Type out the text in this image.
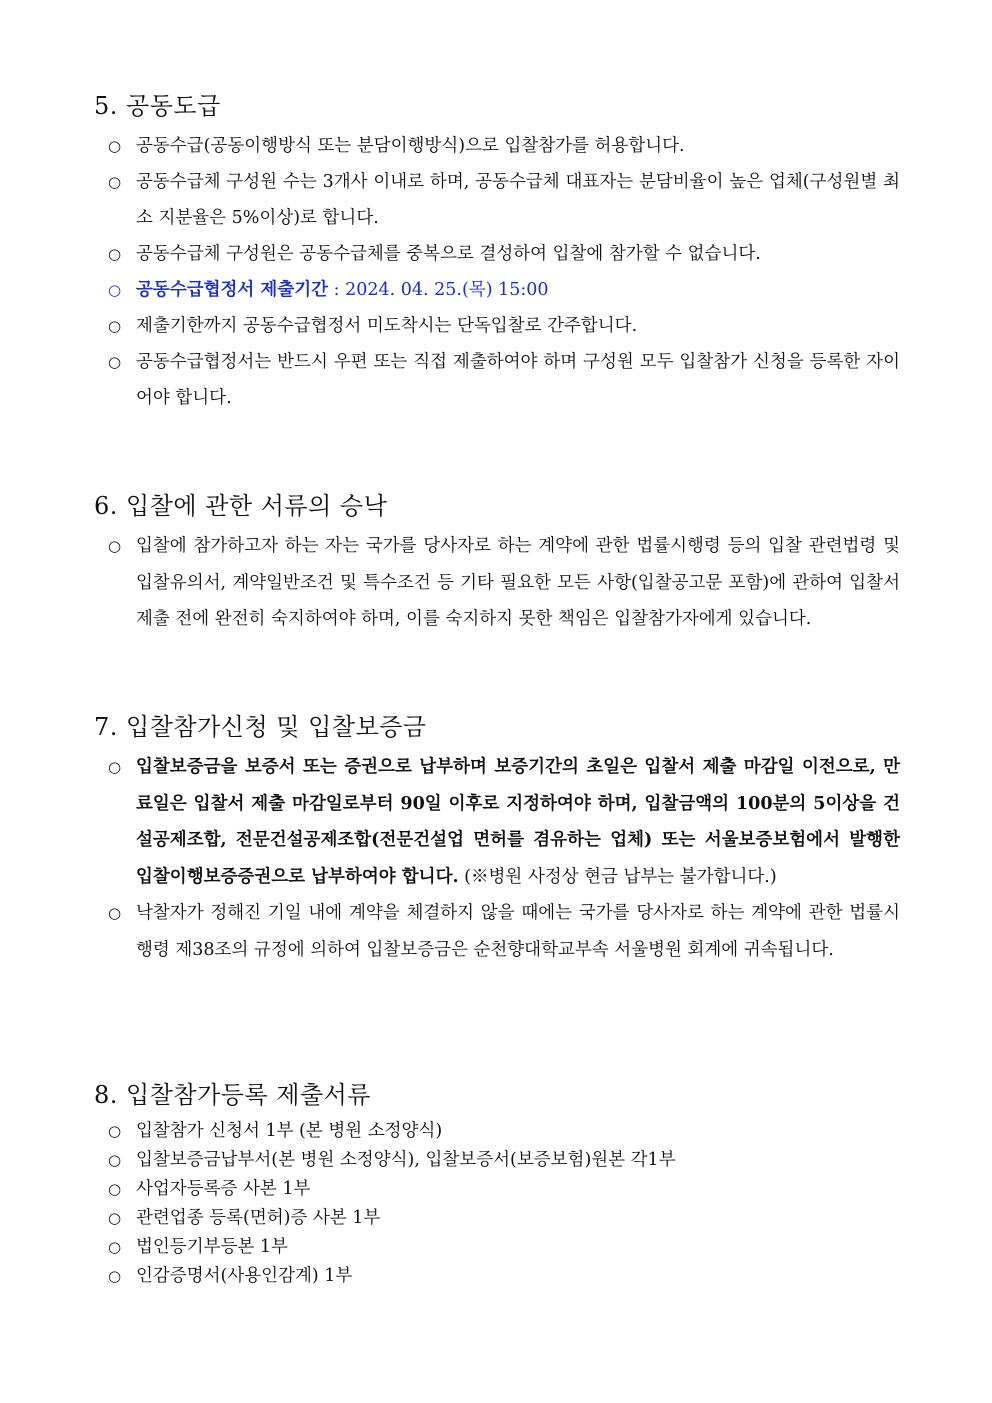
5. 공동도급
○ 공동수급(공동이행방식 또는 분담이행방식)으로 입찰참가를 허용합니다.
○ 공동수급체 구성원 수는 3개사 이내로 하며, 공동수급체 대표자는 분담비율이 높은 업체(구성원별 최소 지분율은 5%이상)로 합니다.
○ 공동수급체 구성원은 공동수급체를 중복으로 결성하여 입찰에 참가할 수 없습니다.
○ 공동수급협정서 제출기간 : 2024. 04. 25.(목) 15:00
○ 제출기한까지 공동수급협정서 미도착시는 단독입찰로 간주합니다.
○ 공동수급협정서는 반드시 우편 또는 직접 제출하여야 하며 구성원 모두 입찰참가 신청을 등록한 자이어야 합니다.
6. 입찰에 관한 서류의 승낙
○ 입찰에 참가하고자 하는 자는 국가를 당사자로 하는 계약에 관한 법률시행령 등의 입찰 관련법령 및 입찰유의서, 계약일반조건 및 특수조건 등 기타 필요한 모든 사항(입찰공고문 포함)에 관하여 입찰서 제출 전에 완전히 숙지하여야 하며, 이를 숙지하지 못한 책임은 입찰참가자에게 있습니다.
7. 입찰참가신청 및 입찰보증금
○ 입찰보증금을 보증서 또는 증권으로 납부하며 보증기간의 초일은 입찰서 제출 마감일 이전으로, 만료일은 입찰서 제출 마감일로부터 90일 이후로 지정하여야 하며, 입찰금액의 100분의 5이상을 건설공제조합, 전문건설공제조합(전문건설업 면허를 겸유하는 업체) 또는 서울보증보험에서 발행한 입찰이행보증증권으로 납부하여야 합니다. (※병원 사정상 현금 납부는 불가합니다.)
○ 낙찰자가 정해진 기일 내에 계약을 체결하지 않을 때에는 국가를 당사자로 하는 계약에 관한 법률시행령 제38조의 규정에 의하여 입찰보증금은 순천향대학교부속 서울병원 회계에 귀속됩니다.
8. 입찰참가등록 제출서류
○ 입찰참가 신청서 1부 (본 병원 소정양식)
○ 입찰보증금납부서(본 병원 소정양식), 입찰보증서(보증보험)원본 각1부
○ 사업자등록증 사본 1부
○ 관련업종 등록(면허)증 사본 1부
○ 법인등기부등본 1부
○ 인감증명서(사용인감계) 1부
